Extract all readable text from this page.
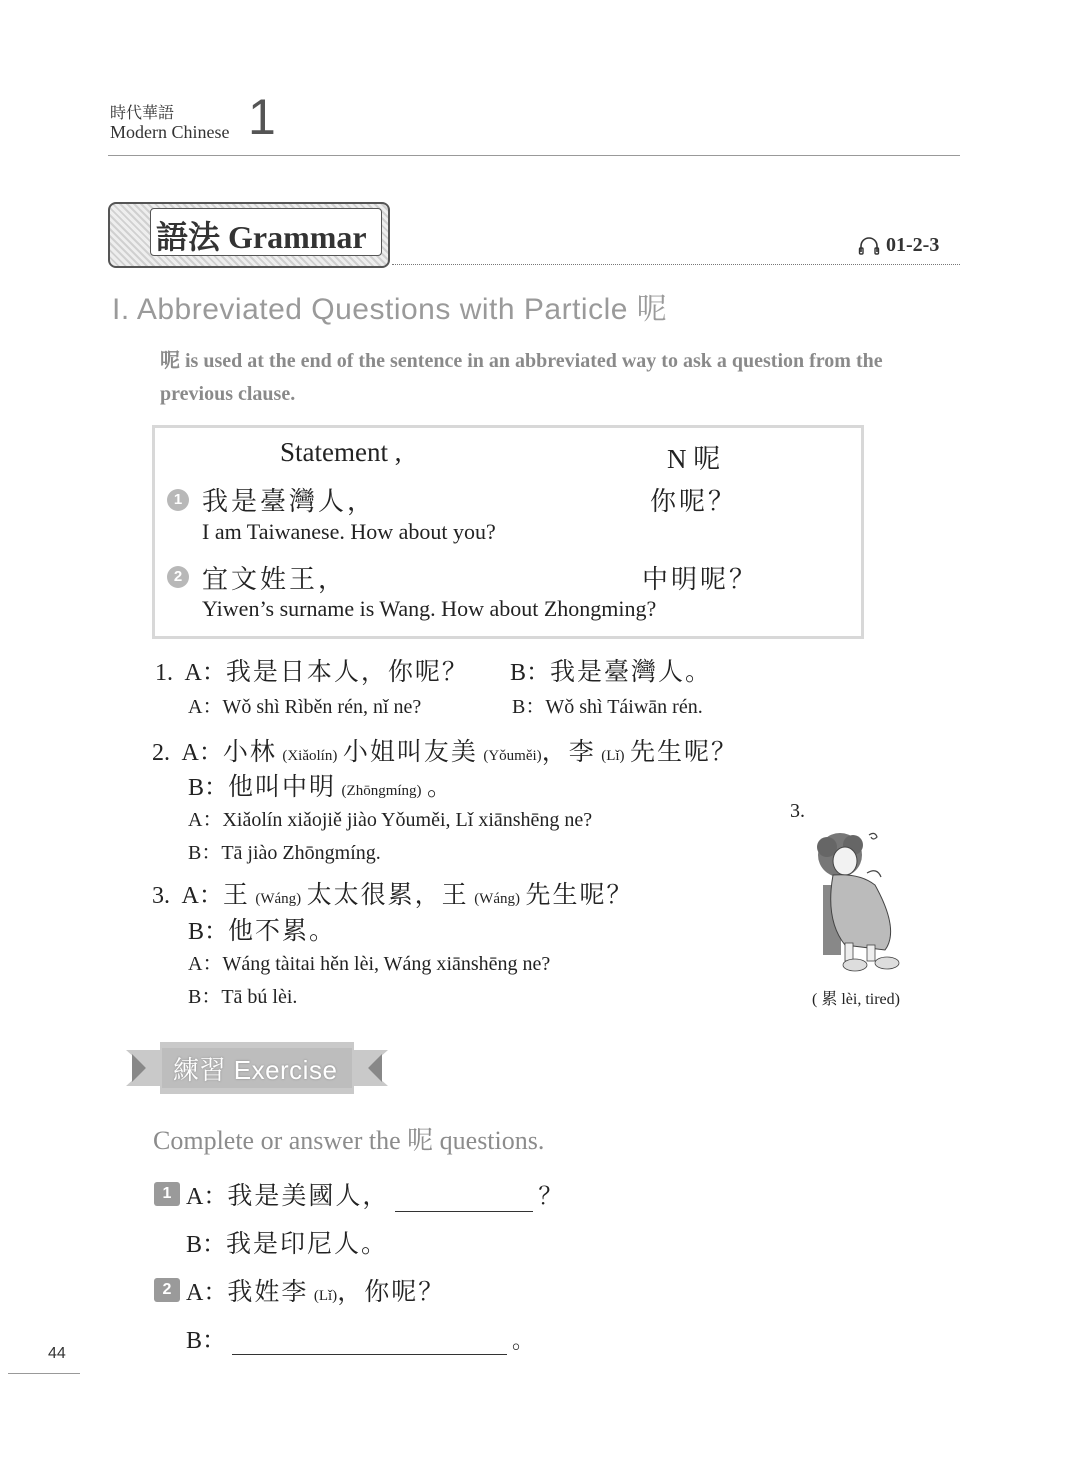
時代華語
Modern Chinese 1
語法 Grammar	01-2-3
I. Abbreviated Questions with Particle 呢
呢 is used at the end of the sentence in an abbreviated way to ask a question from the previous clause.
Statement ,	N 呢
1 我是臺灣人，	你呢？
I am Taiwanese. How about you?
2 宜文姓王，	中明呢？
Yiwen’s surname is Wang. How about Zhongming?
1. A：我是日本人，你呢？ B：我是臺灣人。
A：Wǒ shì Rìběn rén, nǐ ne?	B：Wǒ shì Táiwān rén.
2. A：小林 (Xiǎolín) 小姐叫友美 (Yǒuměi)，李 (Lǐ) 先生呢？
B：他叫中明 (Zhōngmíng) 。
A：Xiǎolín xiǎojiě jiào Yǒuměi, Lǐ xiānshēng ne?
B：Tā jiào Zhōngmíng.
3. A：王 (Wáng) 太太很累，王 (Wáng) 先生呢？
B：他不累。
A：Wáng tàitai hěn lèi, Wáng xiānshēng ne?
B：Tā bú lèi.
3.
( 累 lèi, tired)
練習 Exercise
Complete or answer the 呢 questions.
1 A：我是美國人，	？
B：我是印尼人。
2 A：我姓李 (Lǐ)，你呢？
B：	。
44
